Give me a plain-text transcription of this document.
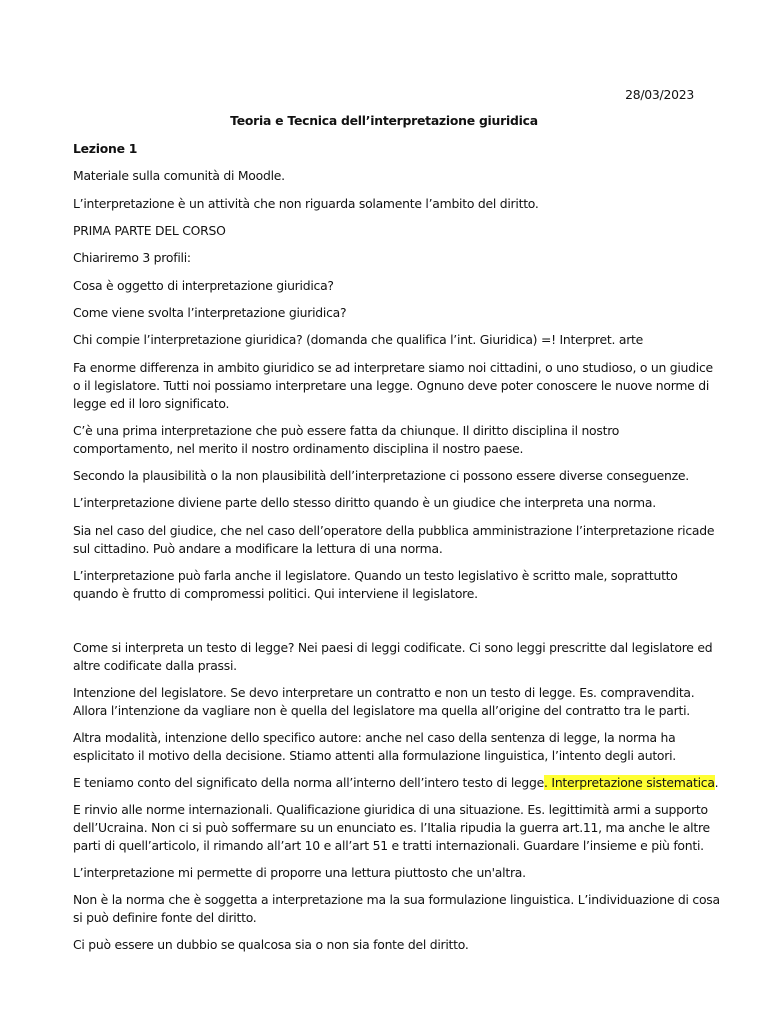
28/03/2023
Teoria e Tecnica dell’interpretazione giuridica
Lezione 1
Materiale sulla comunità di Moodle.
L’interpretazione è un attività che non riguarda solamente l’ambito del diritto.
PRIMA PARTE DEL CORSO
Chiariremo 3 profili:
Cosa è oggetto di interpretazione giuridica?
Come viene svolta l’interpretazione giuridica?
Chi compie l’interpretazione giuridica? (domanda che qualifica l’int. Giuridica) =! Interpret. arte
Fa enorme differenza in ambito giuridico se ad interpretare siamo noi cittadini, o uno studioso, o un giudice
o il legislatore. Tutti noi possiamo interpretare una legge. Ognuno deve poter conoscere le nuove norme di
legge ed il loro significato.
C’è una prima interpretazione che può essere fatta da chiunque. Il diritto disciplina il nostro
comportamento, nel merito il nostro ordinamento disciplina il nostro paese.
Secondo la plausibilità o la non plausibilità dell’interpretazione ci possono essere diverse conseguenze.
L’interpretazione diviene parte dello stesso diritto quando è un giudice che interpreta una norma.
Sia nel caso del giudice, che nel caso dell’operatore della pubblica amministrazione l’interpretazione ricade
sul cittadino. Può andare a modificare la lettura di una norma.
L’interpretazione può farla anche il legislatore. Quando un testo legislativo è scritto male, soprattutto
quando è frutto di compromessi politici. Qui interviene il legislatore.
Come si interpreta un testo di legge? Nei paesi di leggi codificate. Ci sono leggi prescritte dal legislatore ed
altre codificate dalla prassi.
Intenzione del legislatore. Se devo interpretare un contratto e non un testo di legge. Es. compravendita.
Allora l’intenzione da vagliare non è quella del legislatore ma quella all’origine del contratto tra le parti.
Altra modalità, intenzione dello specifico autore: anche nel caso della sentenza di legge, la norma ha
esplicitato il motivo della decisione. Stiamo attenti alla formulazione linguistica, l’intento degli autori.
E teniamo conto del significato della norma all’interno dell’intero testo di legge. Interpretazione sistematica.
E rinvio alle norme internazionali. Qualificazione giuridica di una situazione. Es. legittimità armi a supporto
dell’Ucraina. Non ci si può soffermare su un enunciato es. l’Italia ripudia la guerra art.11, ma anche le altre
parti di quell’articolo, il rimando all’art 10 e all’art 51 e tratti internazionali. Guardare l’insieme e più fonti.
L’interpretazione mi permette di proporre una lettura piuttosto che un'altra.
Non è la norma che è soggetta a interpretazione ma la sua formulazione linguistica. L’individuazione di cosa
si può definire fonte del diritto.
Ci può essere un dubbio se qualcosa sia o non sia fonte del diritto.
